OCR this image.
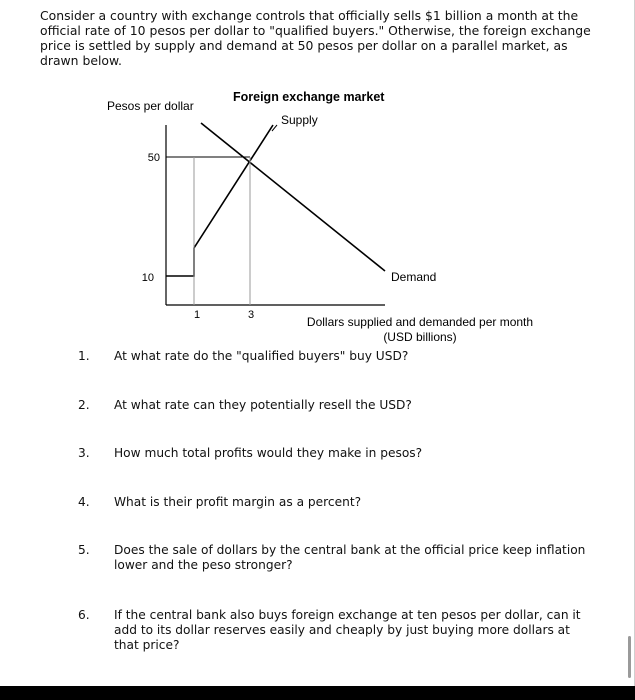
Consider a country with exchange controls that officially sells $1 billion a month at the official rate of 10 pesos per dollar to "qualified buyers." Otherwise, the foreign exchange price is settled by supply and demand at 50 pesos per dollar on a parallel market, as drawn below.

Pesos per dollar
Foreign exchange market
Supply
Demand
50
10
1	3	Dollars supplied and demanded per month
(USD billions)
1.	At what rate do the "qualified buyers" buy USD?
2.	At what rate can they potentially resell the USD?
3.	How much total profits would they make in pesos?
4.	What is their profit margin as a percent?
5.	Does the sale of dollars by the central bank at the official price keep inflation lower and the peso stronger?
6.	If the central bank also buys foreign exchange at ten pesos per dollar, can it add to its dollar reserves easily and cheaply by just buying more dollars at that price?
